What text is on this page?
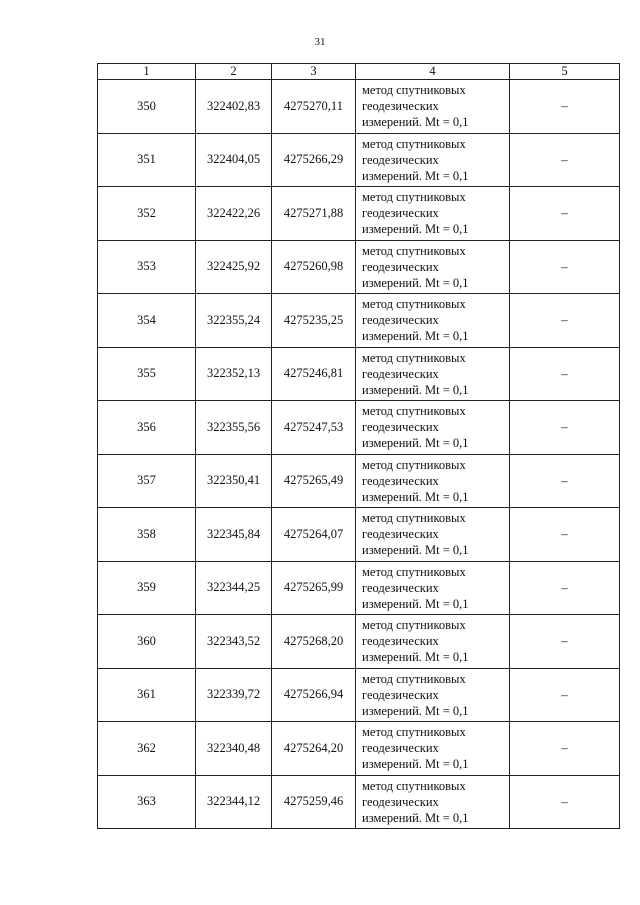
31
1	2	3	4	5
350	322402,83	4275270,11	метод спутниковых
геодезических
измерений. Mt = 0,1	–
351	322404,05	4275266,29	метод спутниковых
геодезических
измерений. Mt = 0,1	–
352	322422,26	4275271,88	метод спутниковых
геодезических
измерений. Mt = 0,1	–
353	322425,92	4275260,98	метод спутниковых
геодезических
измерений. Mt = 0,1	–
354	322355,24	4275235,25	метод спутниковых
геодезических
измерений. Mt = 0,1	–
355	322352,13	4275246,81	метод спутниковых
геодезических
измерений. Mt = 0,1	–
356	322355,56	4275247,53	метод спутниковых
геодезических
измерений. Mt = 0,1	–
357	322350,41	4275265,49	метод спутниковых
геодезических
измерений. Mt = 0,1	–
358	322345,84	4275264,07	метод спутниковых
геодезических
измерений. Mt = 0,1	–
359	322344,25	4275265,99	метод спутниковых
геодезических
измерений. Mt = 0,1	–
360	322343,52	4275268,20	метод спутниковых
геодезических
измерений. Mt = 0,1	–
361	322339,72	4275266,94	метод спутниковых
геодезических
измерений. Mt = 0,1	–
362	322340,48	4275264,20	метод спутниковых
геодезических
измерений. Mt = 0,1	–
363	322344,12	4275259,46	метод спутниковых
геодезических
измерений. Mt = 0,1	–
